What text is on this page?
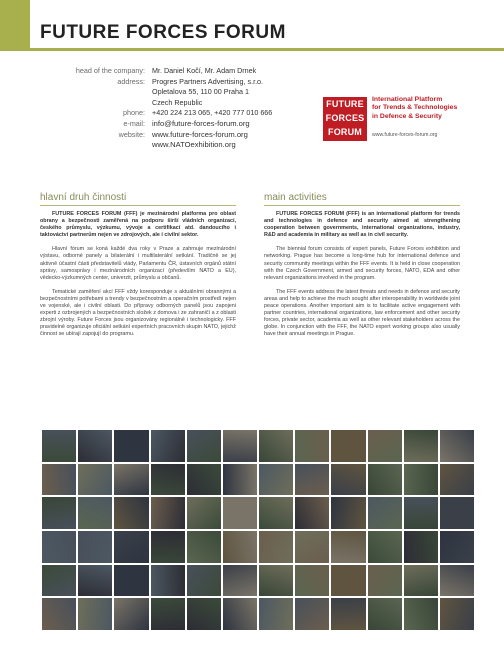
FUTURE FORCES FORUM
head of the company: Mr. Daniel Kočí, Mr. Adam Drnek
address: Progres Partners Advertising, s.r.o.
Opletalova 55, 110 00 Praha 1
Czech Republic
phone: +420 224 213 065, +420 777 010 666
e-mail: info@future-forces-forum.org
website: www.future-forces-forum.org
www.NATOexhibition.org
FUTURE
FORCES
FORUM
International Platform
for Trends & Technologies
in Defence & Security
www.future-forces-forum.org
hlavní druh činnosti	main activities

FUTURE FORCES FORUM (FFF) je mezinárodní platforma pro oblast obrany a bezpečnosti zaměřená na podporu širší vládních organizací, českého průmyslu, výzkumu, vývoje a certifikací atd. dandoucího i taktováctví partnerům nejen ve zdrojových, ale i civilní sektor.

Hlavní fórum se koná každé dva roky v Praze a zahrnuje mezinárodní výstavu, odborné panely a bilaterální i multilaterální setkání. Tradičně se jej aktivně účastní části představitelů vlády, Parlamentu ČR, ústavních orgánů státní správy, samosprávy i mezinárodních organizací (především NATO a EU), vědecko-výzkumných center, univerzit, průmyslu a občanů.

Tematické zaměření akcí FFF vždy koresponduje s aktuálními obrannými a bezpečnostními potřebami a trendy v bezpečnostním a operačním prostředí nejen ve vojenské, ale i civilní oblasti. Do přípravy odborných panelů jsou zapojeni experti z ozbrojených a bezpečnostních složek z domova i ze zahraničí a z oblasti zbrojní výroby. Future Forces jsou organizovány regionálně i technologicky. FFF pravidelně organizuje oficiální setkání expertních pracovních skupin NATO, jejichž činnost se ubírají zapojují do programu.

FUTURE FORCES FORUM (FFF) is an international platform for trends and technologies in defence and security aimed at strengthening cooperation between governments, international organizations, industry, R&D and academia in military as well as in civil security.

The biennial forum consists of expert panels, Future Forces exhibition and networking. Prague has become a long-time hub for international defence and security community meetings within the FFF events. It is held in close cooperation with the Czech Government, armed and security forces, NATO, EDA and other relevant organizations involved in the program.

The FFF events address the latest threats and needs in defence and security areas and help to achieve the much sought after interoperability in worldwide joint peace operations. Another important aim is to facilitate active engagement with partner countries, international organizations, law enforcement and other security forces, private sector, academia as well as other relevant stakeholders across the globe. In conjunction with the FFF, the NATO expert working groups also usually have their annual meetings in Prague.
